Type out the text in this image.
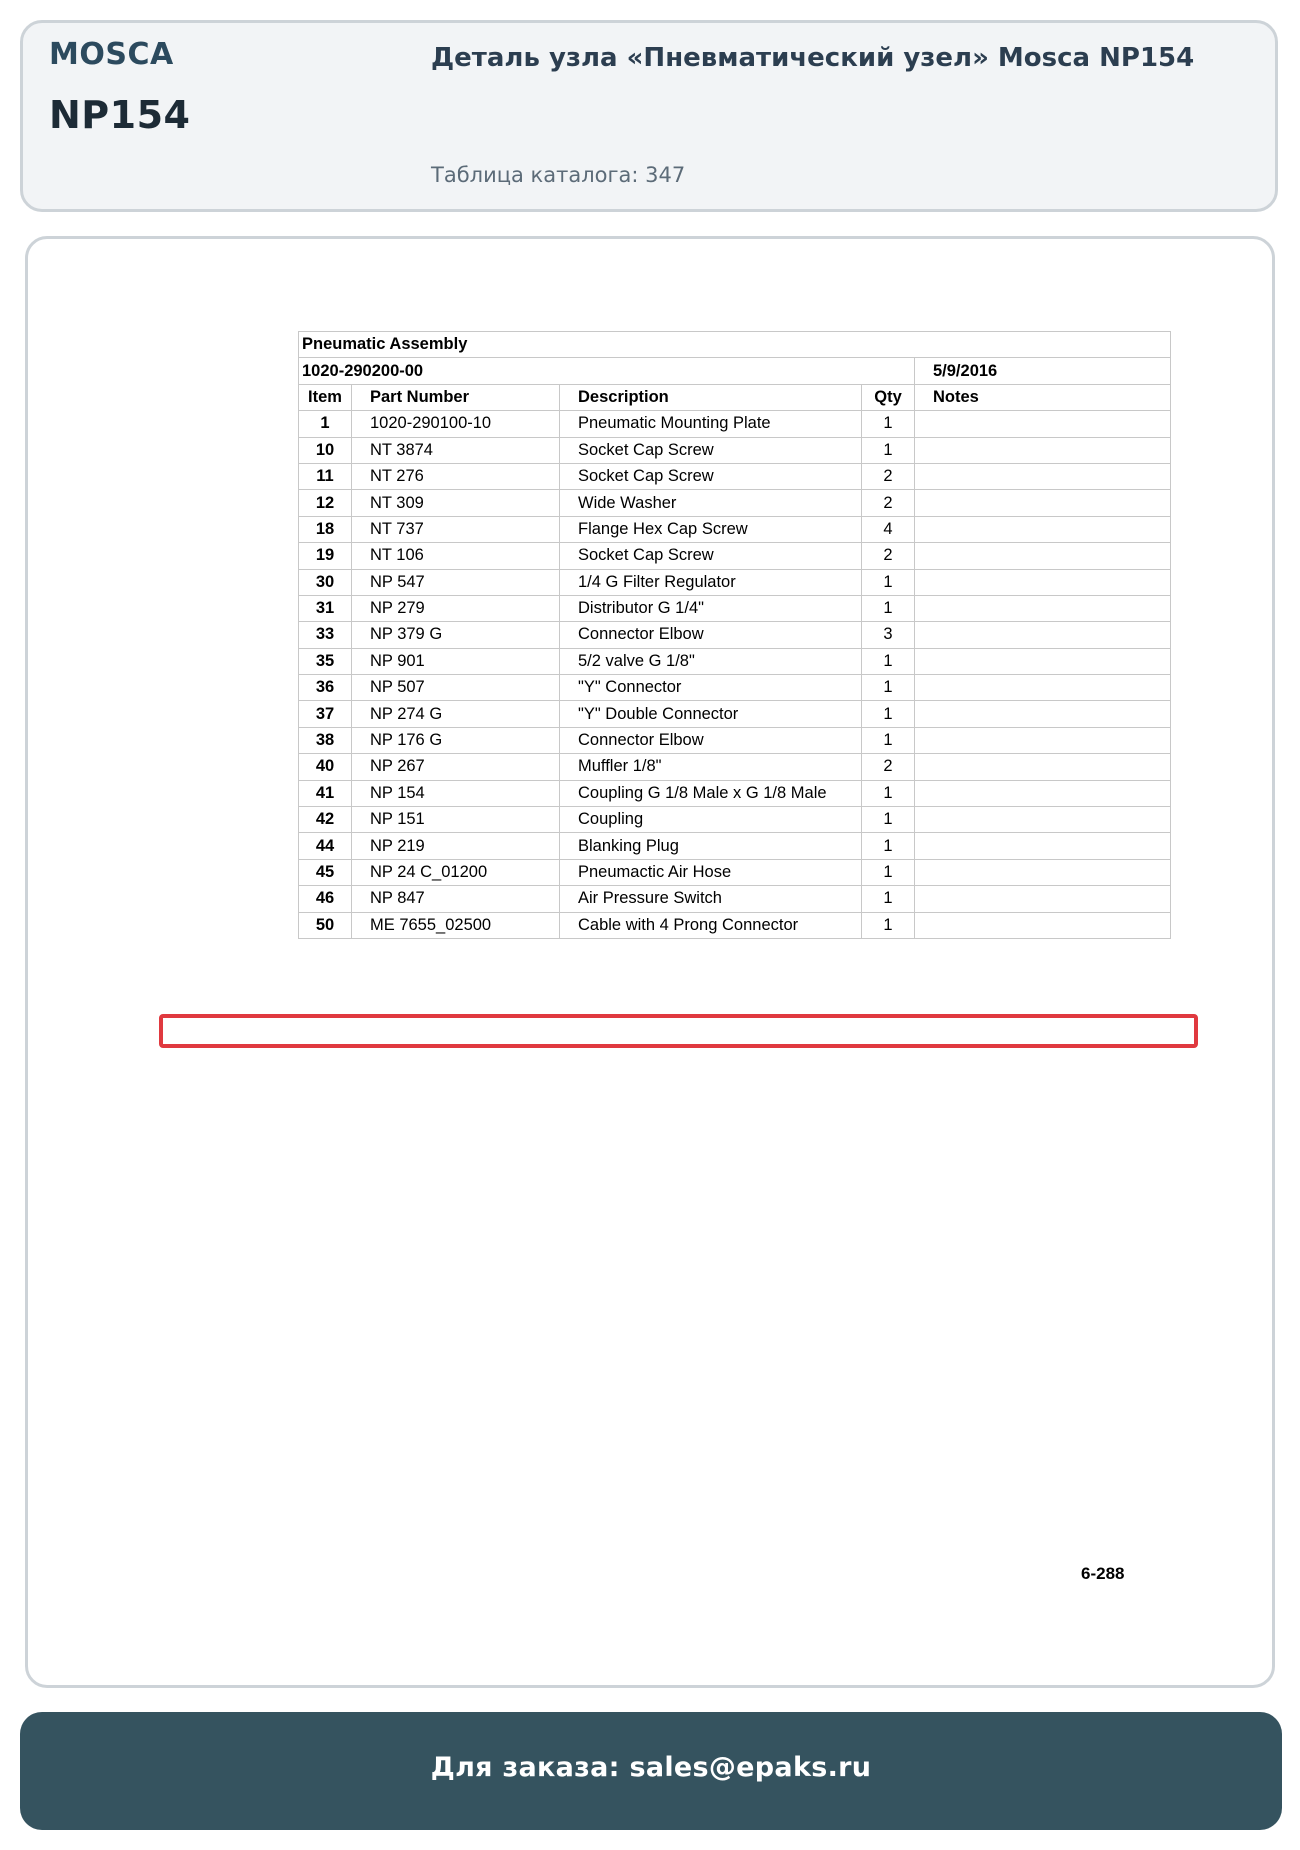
MOSCA
NP154
Деталь узла «Пневматический узел» Mosca NP154
Таблица каталога: 347
Pneumatic Assembly				
1020-290200-00				5/9/2016
Item	Part Number	Description	Qty	Notes
1	1020-290100-10	Pneumatic Mounting Plate	1	
10	NT 3874	Socket Cap Screw	1	
11	NT 276	Socket Cap Screw	2	
12	NT 309	Wide Washer	2	
18	NT 737	Flange Hex Cap Screw	4	
19	NT 106	Socket Cap Screw	2	
30	NP 547	1/4 G Filter Regulator	1	
31	NP 279	Distributor G 1/4"	1	
33	NP 379 G	Connector Elbow	3	
35	NP 901	5/2 valve G 1/8"	1	
36	NP 507	"Y" Connector	1	
37	NP 274 G	"Y" Double Connector	1	
38	NP 176 G	Connector Elbow	1	
40	NP 267	Muffler 1/8"	2	
41	NP 154	Coupling G 1/8 Male x G 1/8 Male	1	
42	NP 151	Coupling	1	
44	NP 219	Blanking Plug	1	
45	NP 24 C_01200	Pneumactic Air Hose	1	
46	NP 847	Air Pressure Switch	1	
50	ME 7655_02500	Cable with 4 Prong Connector	1	
6-288
Для заказа: sales@epaks.ru
